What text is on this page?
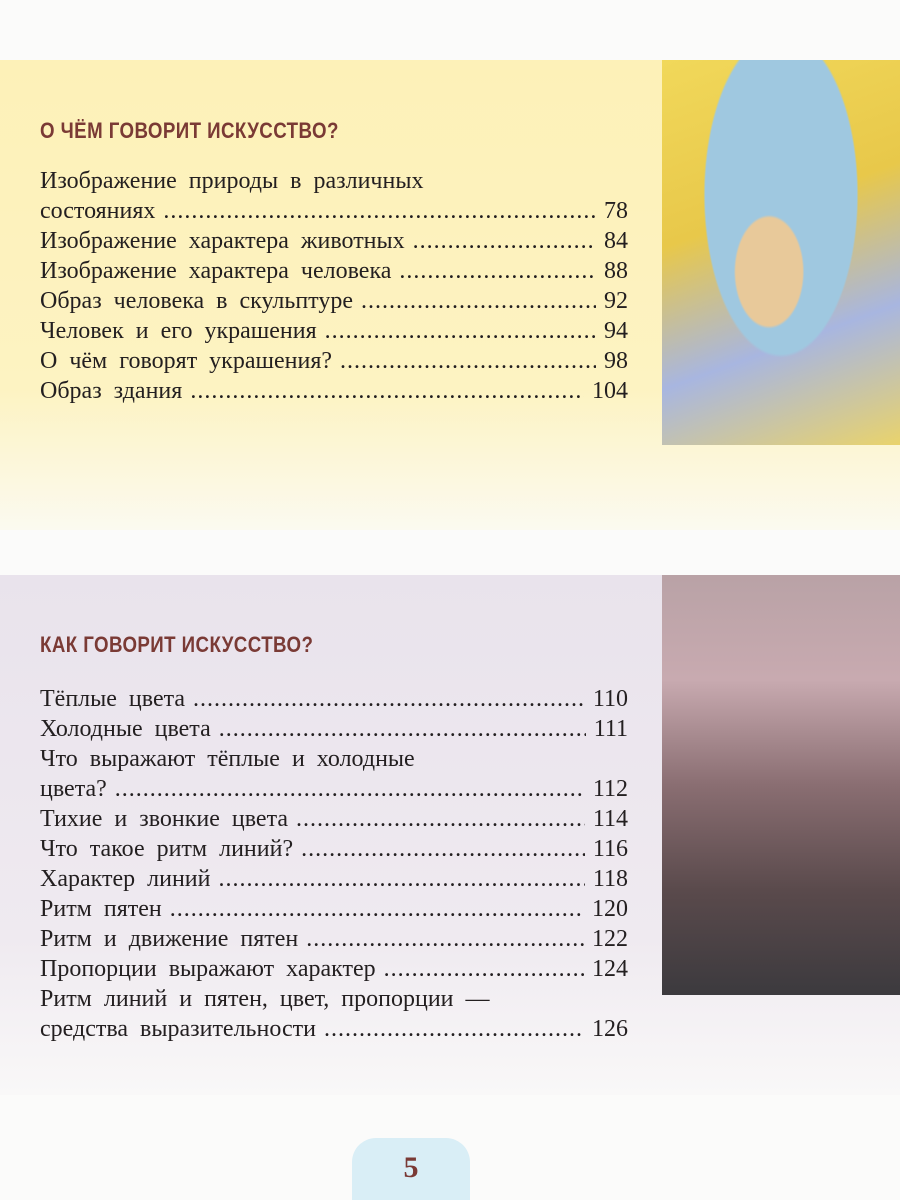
О ЧЁМ ГОВОРИТ ИСКУССТВО?
Изображение природы в различных
состояниях .....	78
Изображение характера животных .....	84
Изображение характера человека .....	88
Образ человека в скульптуре .....	92
Человек и его украшения .....	94
О чём говорят украшения? .....	98
Образ здания .....	104
КАК ГОВОРИТ ИСКУССТВО?
Тёплые цвета .....	110
Холодные цвета .....	111
Что выражают тёплые и холодные
цвета? .....	112
Тихие и звонкие цвета .....	114
Что такое ритм линий? .....	116
Характер линий .....	118
Ритм пятен .....	120
Ритм и движение пятен .....	122
Пропорции выражают характер .....	124
Ритм линий и пятен, цвет, пропорции —
средства выразительности .....	126
5
